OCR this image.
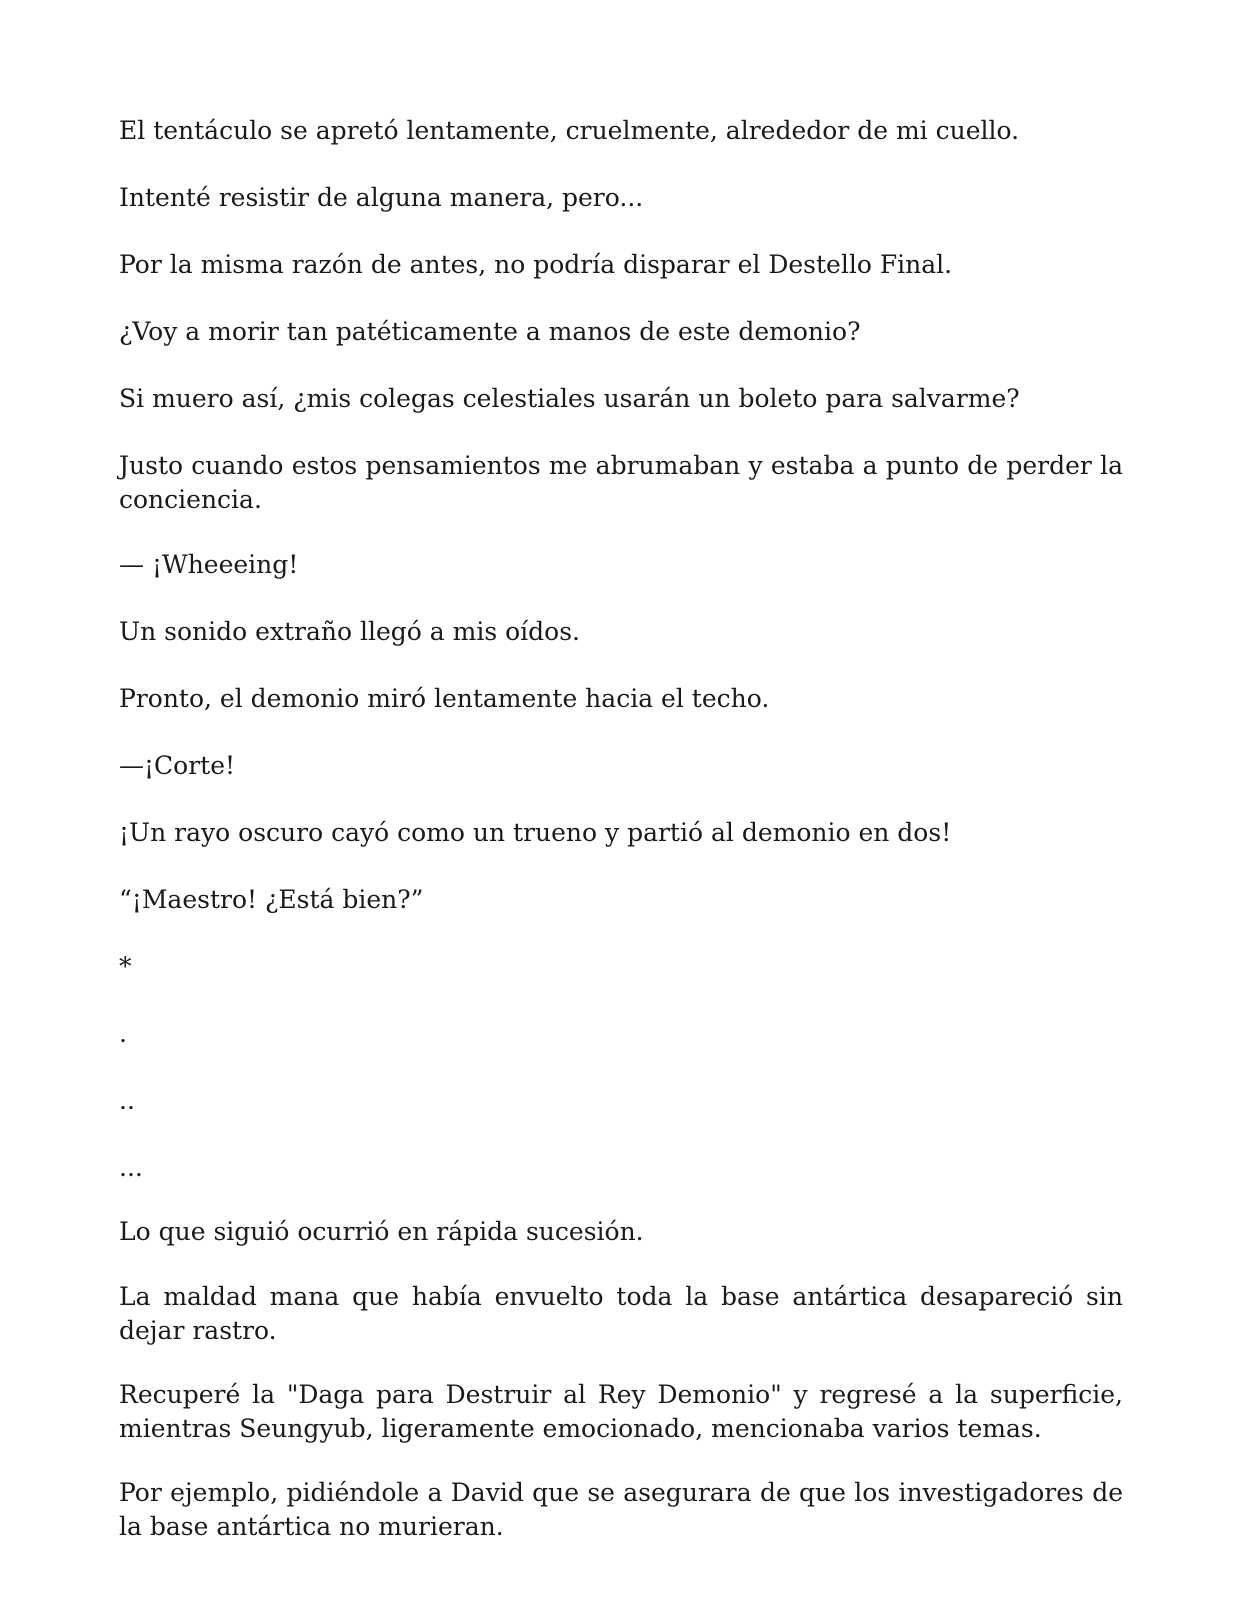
El tentáculo se apretó lentamente, cruelmente, alrededor de mi cuello.

Intenté resistir de alguna manera, pero...

Por la misma razón de antes, no podría disparar el Destello Final.

¿Voy a morir tan patéticamente a manos de este demonio?

Si muero así, ¿mis colegas celestiales usarán un boleto para salvarme?

Justo cuando estos pensamientos me abrumaban y estaba a punto de perder la conciencia.

— ¡Wheeeing!

Un sonido extraño llegó a mis oídos.

Pronto, el demonio miró lentamente hacia el techo.

—¡Corte!

¡Un rayo oscuro cayó como un trueno y partió al demonio en dos!

“¡Maestro! ¿Está bien?”

*

.

..

...

Lo que siguió ocurrió en rápida sucesión.

La maldad mana que había envuelto toda la base antártica desapareció sin dejar rastro.

Recuperé la "Daga para Destruir al Rey Demonio" y regresé a la superficie, mientras Seungyub, ligeramente emocionado, mencionaba varios temas.

Por ejemplo, pidiéndole a David que se asegurara de que los investigadores de la base antártica no murieran.
